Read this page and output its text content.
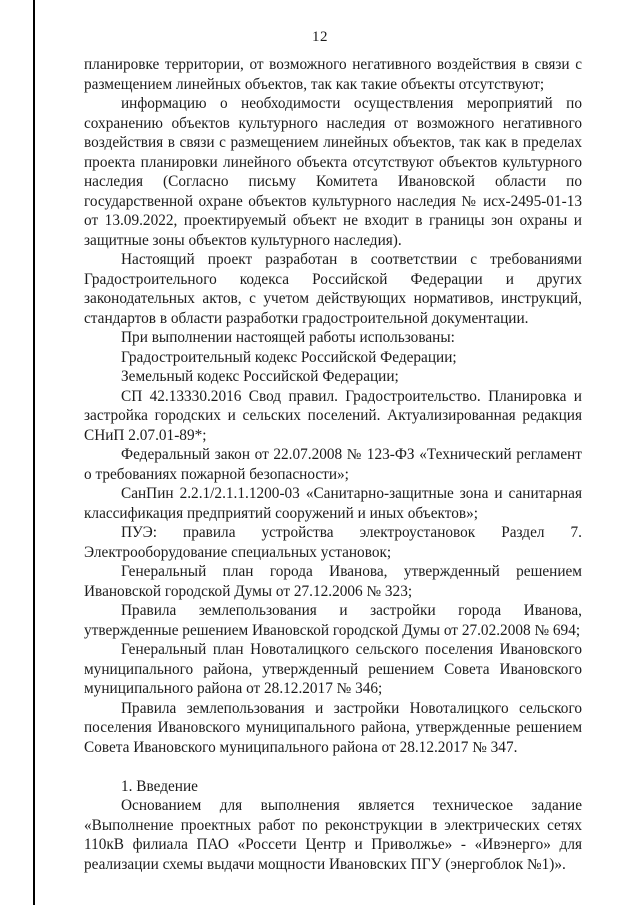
12

планировке территории, от возможного негативного воздействия в связи с размещением линейных объектов, так как такие объекты отсутствуют;

информацию о необходимости осуществления мероприятий по сохранению объектов культурного наследия от возможного негативного воздействия в связи с размещением линейных объектов, так как в пределах проекта планировки линейного объекта отсутствуют объектов культурного наследия (Согласно письму Комитета Ивановской области по государственной охране объектов культурного наследия № исх-2495-01-13 от 13.09.2022, проектируемый объект не входит в границы зон охраны и защитные зоны объектов культурного наследия).

Настоящий проект разработан в соответствии с требованиями Градостроительного кодекса Российской Федерации и других законодательных актов, с учетом действующих нормативов, инструкций, стандартов в области разработки градостроительной документации.

При выполнении настоящей работы использованы:

Градостроительный кодекс Российской Федерации;

Земельный кодекс Российской Федерации;

СП 42.13330.2016 Свод правил. Градостроительство. Планировка и застройка городских и сельских поселений. Актуализированная редакция СНиП 2.07.01-89*;

Федеральный закон от 22.07.2008 № 123-ФЗ «Технический регламент о требованиях пожарной безопасности»;

СанПин 2.2.1/2.1.1.1200-03 «Санитарно-защитные зона и санитарная классификация предприятий сооружений и иных объектов»;

ПУЭ: правила устройства электроустановок Раздел 7. Электрооборудование специальных установок;

Генеральный план города Иванова, утвержденный решением Ивановской городской Думы от 27.12.2006 № 323;

Правила землепользования и застройки города Иванова, утвержденные решением Ивановской городской Думы от 27.02.2008 № 694;

Генеральный план Новоталицкого сельского поселения Ивановского муниципального района, утвержденный решением Совета Ивановского муниципального района от 28.12.2017 № 346;

Правила землепользования и застройки Новоталицкого сельского поселения Ивановского муниципального района, утвержденные решением Совета Ивановского муниципального района от 28.12.2017 № 347.

1. Введение

Основанием для выполнения является техническое задание «Выполнение проектных работ по реконструкции в электрических сетях 110кВ филиала ПАО «Россети Центр и Приволжье» - «Ивэнерго» для реализации схемы выдачи мощности Ивановских ПГУ (энергоблок №1)».
